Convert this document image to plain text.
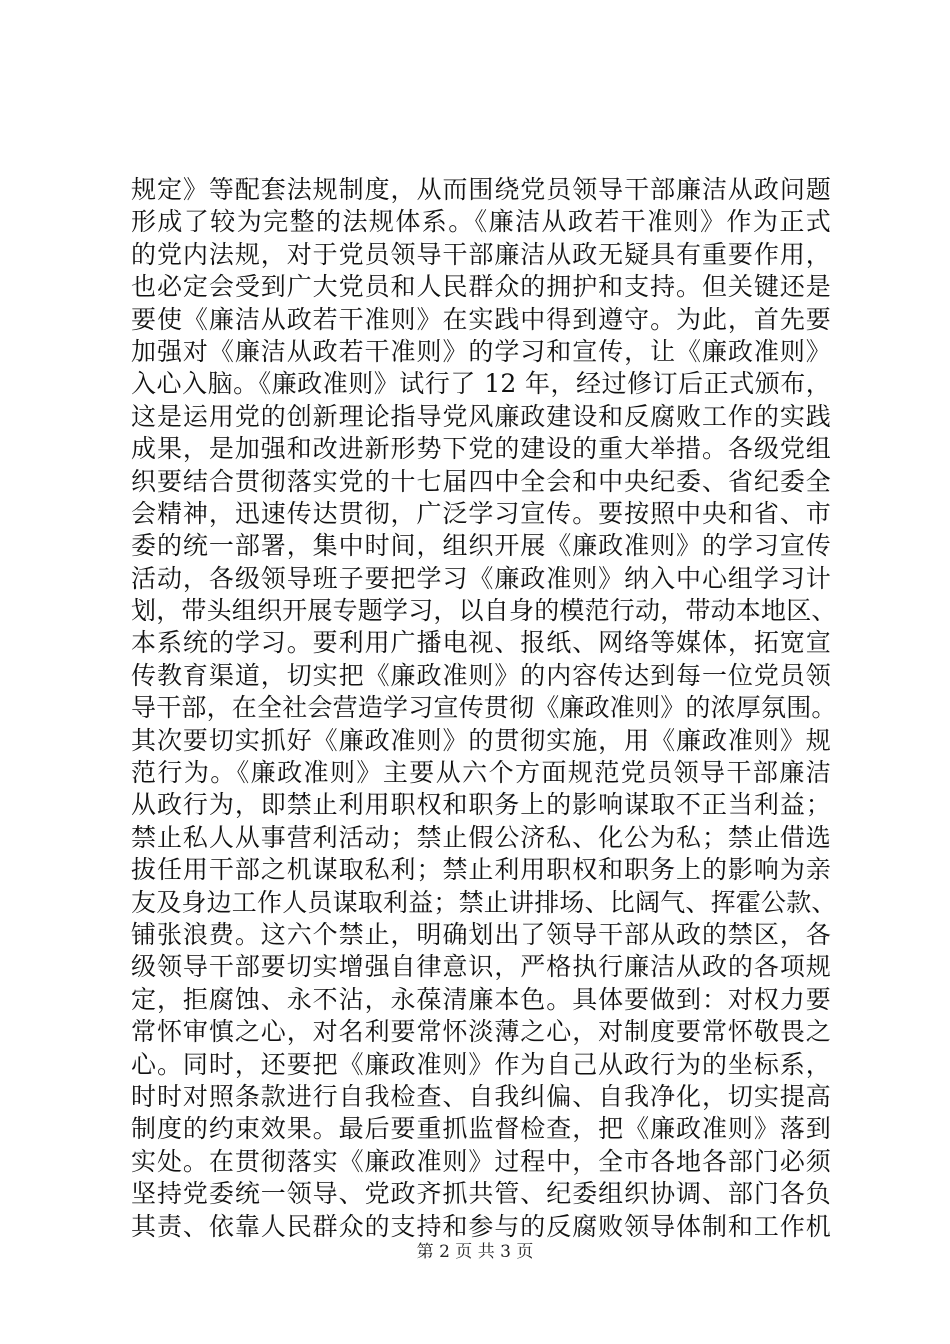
规定》等配套法规制度，从而围绕党员领导干部廉洁从政问题
形成了较为完整的法规体系。《廉洁从政若干准则》作为正式
的党内法规，对于党员领导干部廉洁从政无疑具有重要作用，
也必定会受到广大党员和人民群众的拥护和支持。但关键还是
要使《廉洁从政若干准则》在实践中得到遵守。为此，首先要
加强对《廉洁从政若干准则》的学习和宣传，让《廉政准则》
入心入脑。《廉政准则》试行了 12 年，经过修订后正式颁布，
这是运用党的创新理论指导党风廉政建设和反腐败工作的实践
成果，是加强和改进新形势下党的建设的重大举措。各级党组
织要结合贯彻落实党的十七届四中全会和中央纪委、省纪委全
会精神，迅速传达贯彻，广泛学习宣传。要按照中央和省、市
委的统一部署，集中时间，组织开展《廉政准则》的学习宣传
活动，各级领导班子要把学习《廉政准则》纳入中心组学习计
划，带头组织开展专题学习，以自身的模范行动，带动本地区、
本系统的学习。要利用广播电视、报纸、网络等媒体，拓宽宣
传教育渠道，切实把《廉政准则》的内容传达到每一位党员领
导干部，在全社会营造学习宣传贯彻《廉政准则》的浓厚氛围。
其次要切实抓好《廉政准则》的贯彻实施，用《廉政准则》规
范行为。《廉政准则》主要从六个方面规范党员领导干部廉洁
从政行为，即禁止利用职权和职务上的影响谋取不正当利益；
禁止私人从事营利活动；禁止假公济私、化公为私；禁止借选
拔任用干部之机谋取私利；禁止利用职权和职务上的影响为亲
友及身边工作人员谋取利益；禁止讲排场、比阔气、挥霍公款、
铺张浪费。这六个禁止，明确划出了领导干部从政的禁区，各
级领导干部要切实增强自律意识，严格执行廉洁从政的各项规
定，拒腐蚀、永不沾，永葆清廉本色。具体要做到：对权力要
常怀审慎之心，对名利要常怀淡薄之心，对制度要常怀敬畏之
心。同时，还要把《廉政准则》作为自己从政行为的坐标系，
时时对照条款进行自我检查、自我纠偏、自我净化，切实提高
制度的约束效果。最后要重抓监督检查，把《廉政准则》落到
实处。在贯彻落实《廉政准则》过程中，全市各地各部门必须
坚持党委统一领导、党政齐抓共管、纪委组织协调、部门各负
其责、依靠人民群众的支持和参与的反腐败领导体制和工作机
第 2 页 共 3 页
